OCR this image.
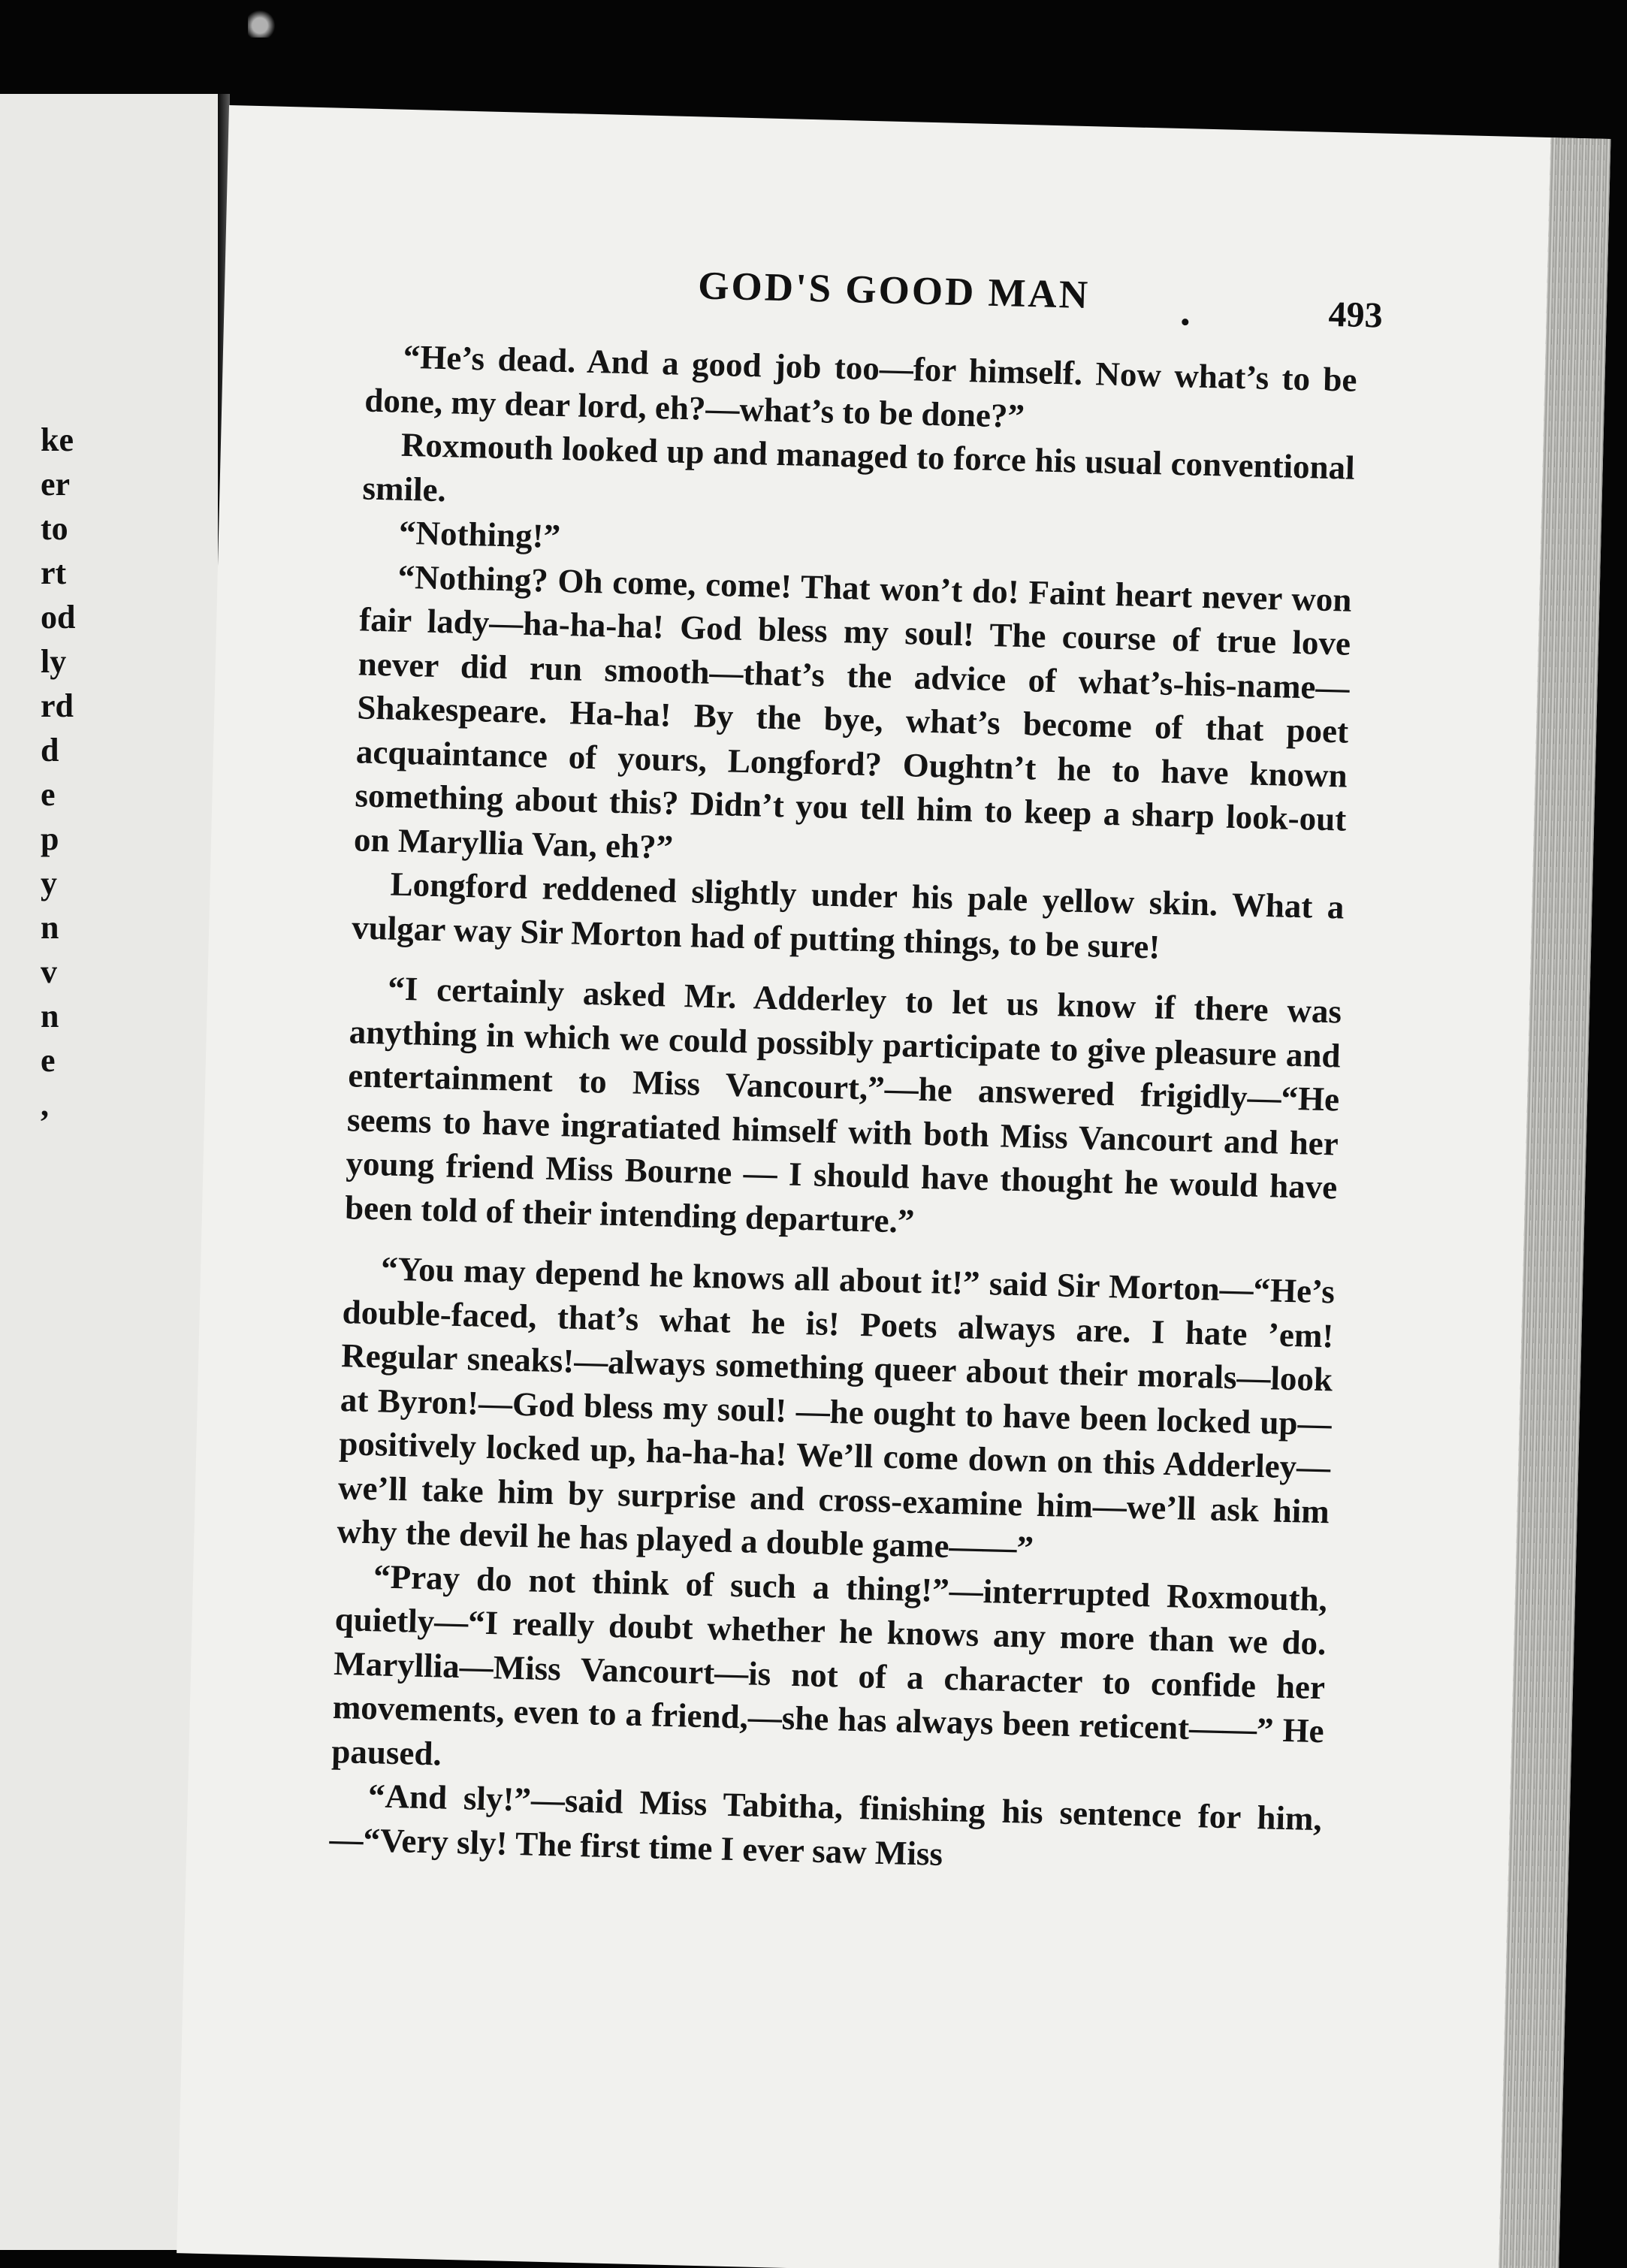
ke
er
to
rt
od
ly
rd
d
e
p
y
n
v
n
e
,
GOD'S GOOD MAN	493

“He’s dead. And a good job too—for himself. Now what’s to be done, my dear lord, eh?—what’s to be done?”

Roxmouth looked up and managed to force his usual conventional smile.

“Nothing!”

“Nothing? Oh come, come! That won’t do! Faint heart never won fair lady—ha-ha-ha! God bless my soul! The course of true love never did run smooth—that’s the advice of what’s-his-name—Shakespeare. Ha-ha! By the bye, what’s become of that poet acquaintance of yours, Longford? Oughtn’t he to have known something about this? Didn’t you tell him to keep a sharp look-out on Maryllia Van, eh?”

Longford reddened slightly under his pale yellow skin. What a vulgar way Sir Morton had of putting things, to be sure!

“I certainly asked Mr. Adderley to let us know if there was anything in which we could possibly participate to give pleasure and entertainment to Miss Vancourt,”—he answered frigidly—“He seems to have ingratiated himself with both Miss Vancourt and her young friend Miss Bourne — I should have thought he would have been told of their intending departure.”

“You may depend he knows all about it!” said Sir Morton—“He’s double-faced, that’s what he is! Poets always are. I hate ’em! Regular sneaks!—always something queer about their morals—look at Byron!—God bless my soul! —he ought to have been locked up—positively locked up, ha-ha-ha! We’ll come down on this Adderley—we’ll take him by surprise and cross-examine him—we’ll ask him why the devil he has played a double game——”

“Pray do not think of such a thing!”—interrupted Roxmouth, quietly—“I really doubt whether he knows any more than we do. Maryllia—Miss Vancourt—is not of a character to confide her movements, even to a friend,—she has always been reticent——” He paused.

“And sly!”—said Miss Tabitha, finishing his sentence for him,—“Very sly! The first time I ever saw Miss
